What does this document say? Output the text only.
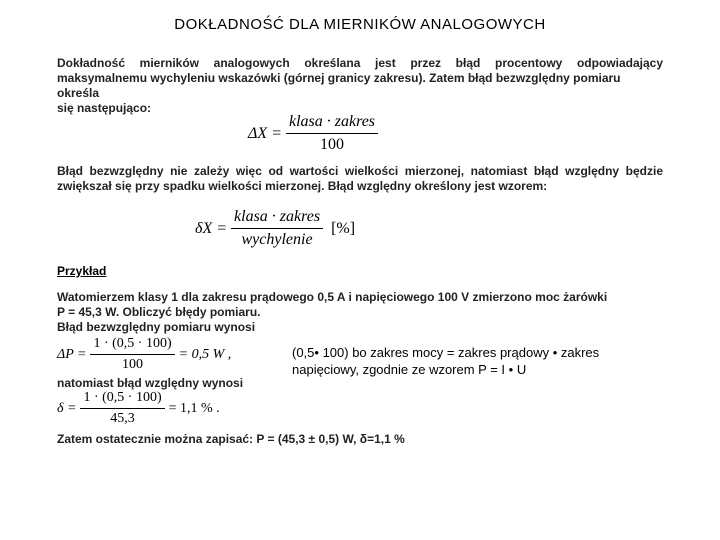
DOKŁADNOŚĆ DLA MIERNIKÓW ANALOGOWYCH
Dokładność mierników analogowych określana jest przez błąd procentowy odpowiadający
maksymalnemu wychyleniu wskazówki (górnej granicy zakresu). Zatem błąd bezwzględny pomiaru określa
się następująco:
$\Delta X = \frac{\text{klasa · zakres}}{100}$
Błąd bezwzględny nie zależy więc od wartości wielkości mierzonej, natomiast błąd względny będzie
zwiększał się przy spadku wielkości mierzonej. Błąd względny określony jest wzorem:
$\delta X = \frac{\text{klasa · zakres}}{\text{wychylenie}}$ [%]
Przykład
Watomierzem klasy 1 dla zakresu prądowego 0,5 A i napięciowego 100 V zmierzono moc żarówki
P = 45,3 W. Obliczyć błędy pomiaru.
Błąd bezwzględny pomiaru wynosi
$\Delta P = \frac{1 \cdot (0,5 \cdot 100)}{100} = 0,5$ W ,
natomiast błąd względny wynosi
$\delta = \frac{1 \cdot (0,5 \cdot 100)}{45,3} = 1,1$ % .
Zatem ostatecznie można zapisać: P = (45,3 ± 0,5) W, δ=1,1 %
(0,5• 100) bo zakres mocy = zakres prądowy • zakres
napięciowy, zgodnie ze wzorem P = I • U
